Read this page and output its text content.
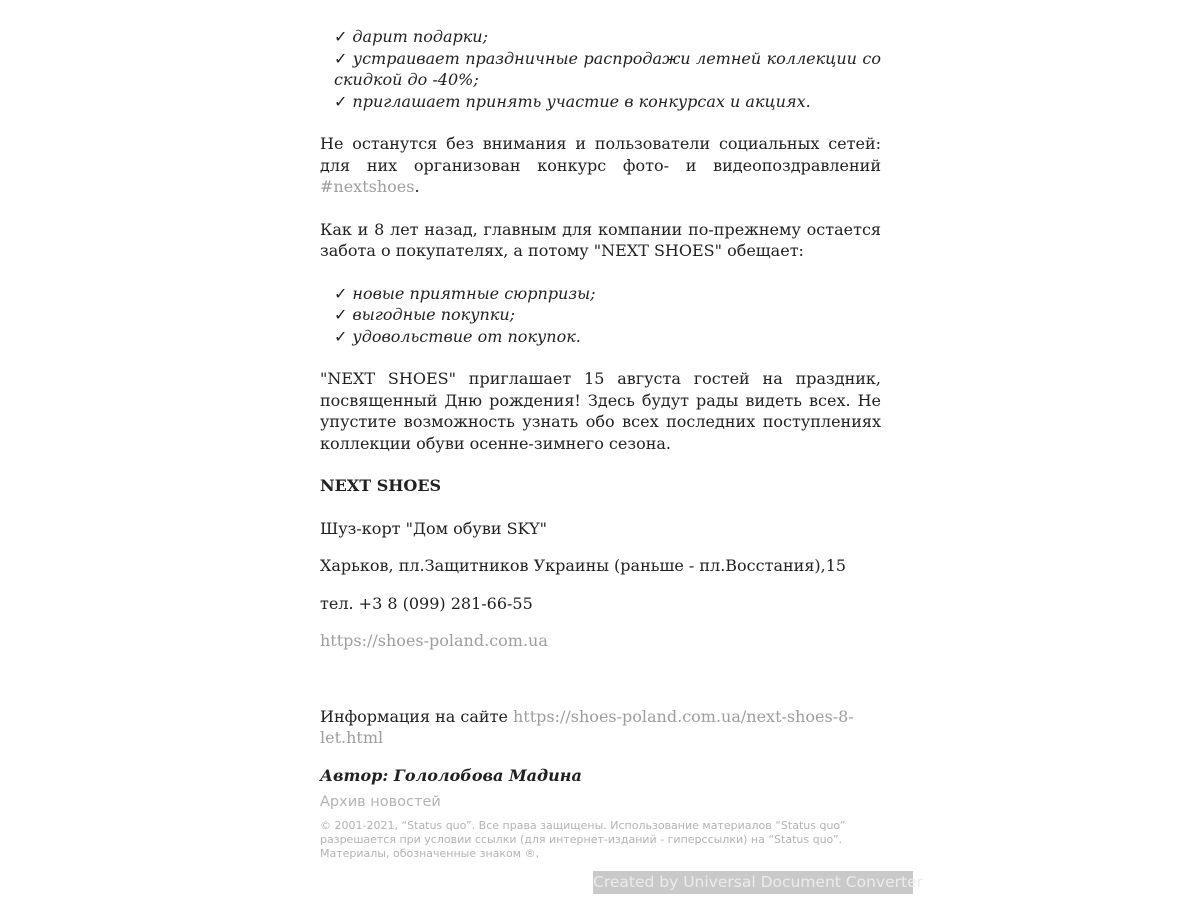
✓ дарит подарки;
✓ устраивает праздничные распродажи летней коллекции со скидкой до -40%;
✓ приглашает принять участие в конкурсах и акциях.

Не останутся без внимания и пользователи социальных сетей: для них организован конкурс фото- и видеопоздравлений #nextshoes.

Как и 8 лет назад, главным для компании по-прежнему остается забота о покупателях, а потому "NEXT SHOES" обещает:

✓ новые приятные сюрпризы;
✓ выгодные покупки;
✓ удовольствие от покупок.

"NEXT SHOES" приглашает 15 августа гостей на праздник, посвященный Дню рождения! Здесь будут рады видеть всех. Не упустите возможность узнать обо всех последних поступлениях коллекции обуви осенне-зимнего сезона.

NEXT SHOES

Шуз-корт "Дом обуви SKY"

Харьков, пл.Защитников Украины (раньше - пл.Восстания),15

тел. +3 8 (099) 281-66-55

https://shoes-poland.com.ua

Информация на сайте https://shoes-poland.com.ua/next-shoes-8-let.html

Автор: Гололобова Мадина

Архив новостей
© 2001-2021, “Status quo”. Все права защищены. Использование материалов “Status quo” разрешается при условии ссылки (для интернет-изданий - гиперссылки) на “Status quo”. Материалы, обозначенные знаком ®,
Created by Universal Document Converter
